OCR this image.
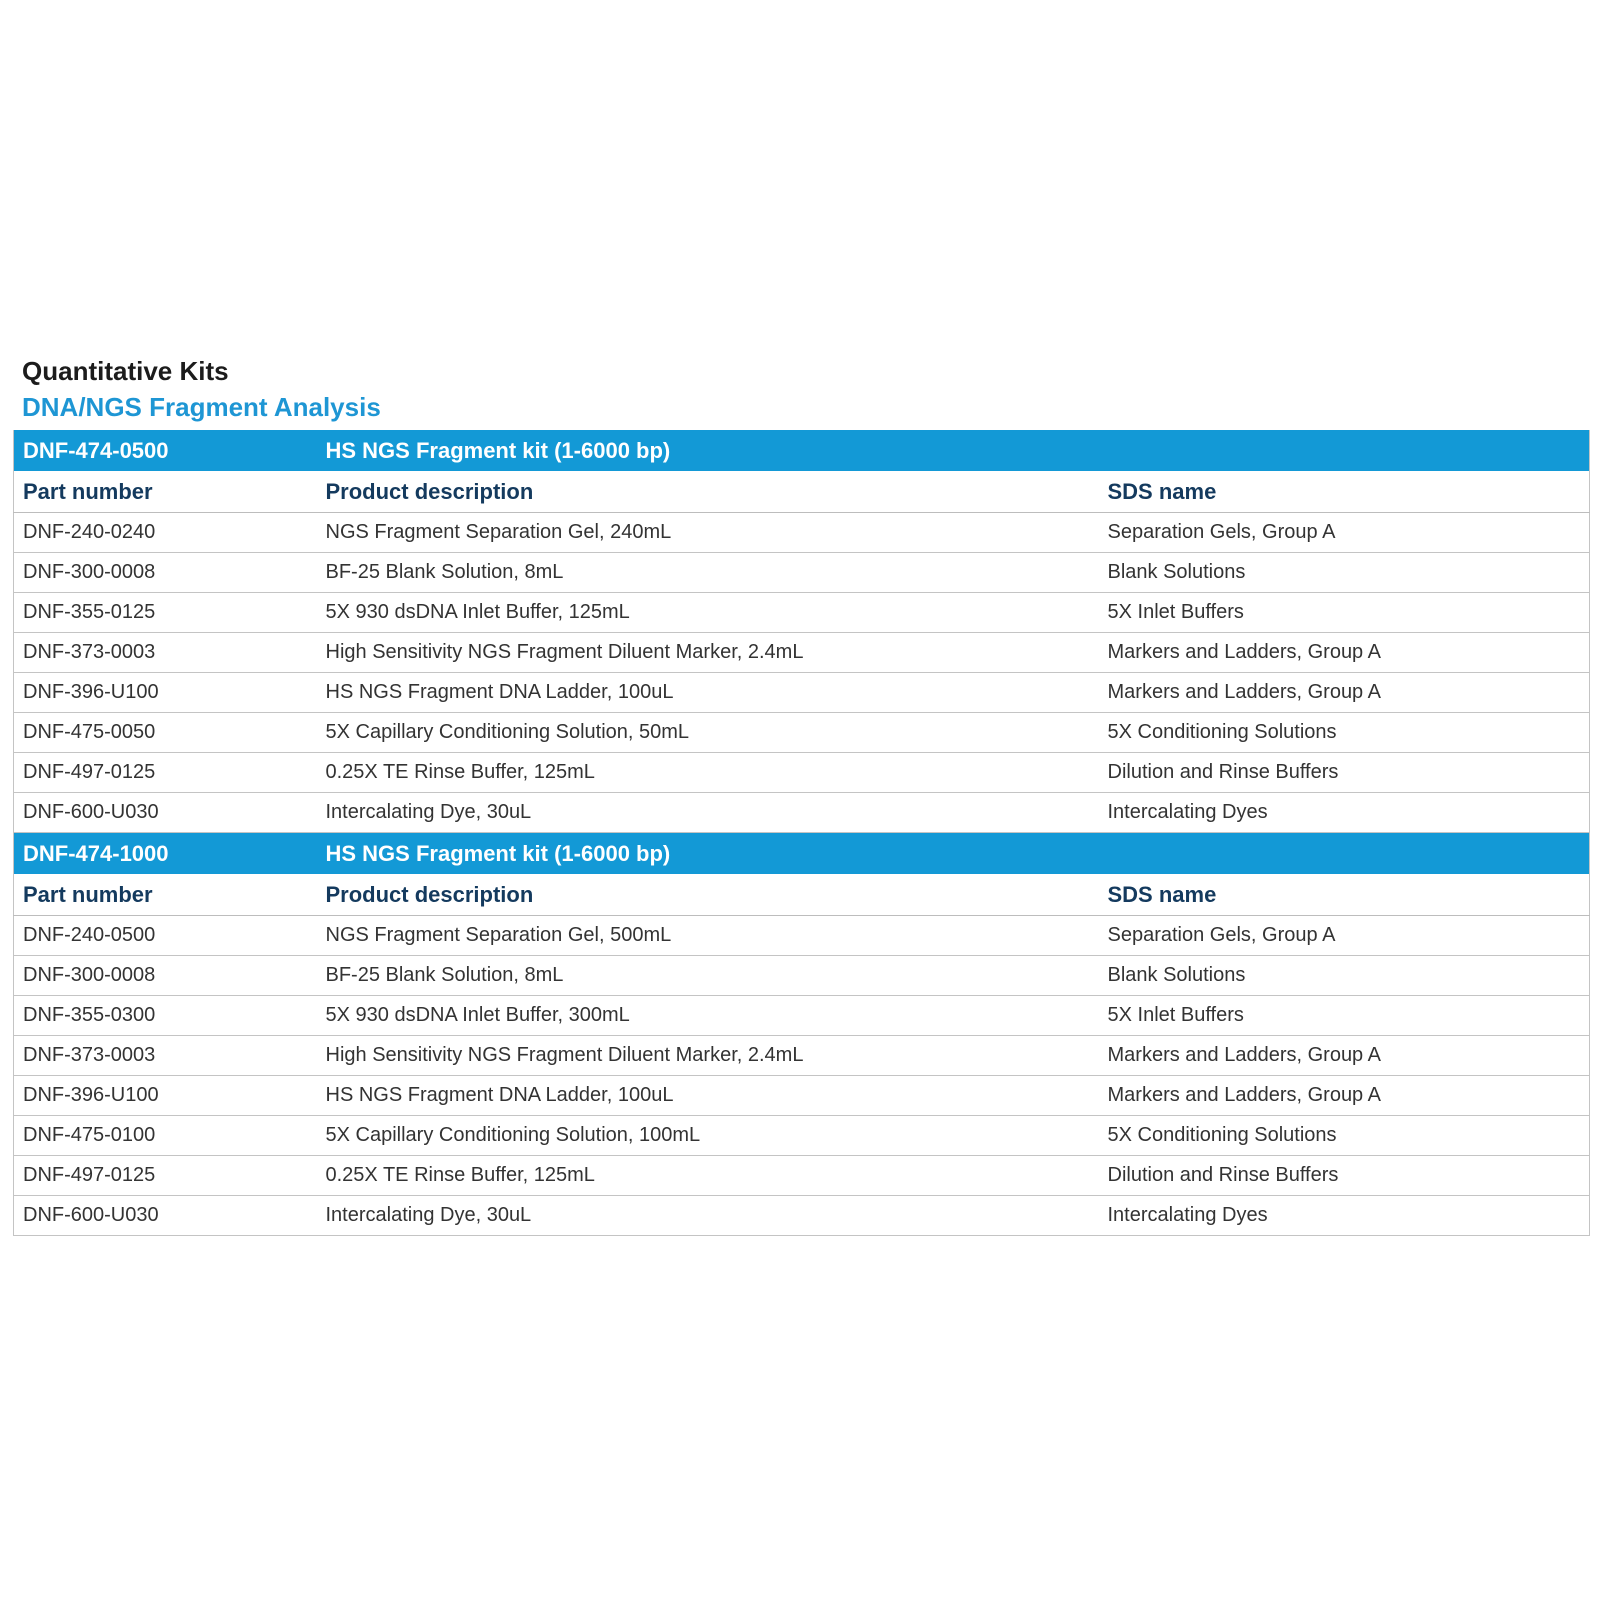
Quantitative Kits
DNA/NGS Fragment Analysis
DNF-474-0500	HS NGS Fragment kit (1-6000 bp)	
Part number	Product description	SDS name
DNF-240-0240	NGS Fragment Separation Gel, 240mL	Separation Gels, Group A
DNF-300-0008	BF-25 Blank Solution, 8mL	Blank Solutions
DNF-355-0125	5X 930 dsDNA Inlet Buffer, 125mL	5X Inlet Buffers
DNF-373-0003	High Sensitivity NGS Fragment Diluent Marker, 2.4mL	Markers and Ladders, Group A
DNF-396-U100	HS NGS Fragment DNA Ladder, 100uL	Markers and Ladders, Group A
DNF-475-0050	5X Capillary Conditioning Solution, 50mL	5X Conditioning Solutions
DNF-497-0125	0.25X TE Rinse Buffer, 125mL	Dilution and Rinse Buffers
DNF-600-U030	Intercalating Dye, 30uL	Intercalating Dyes
DNF-474-1000	HS NGS Fragment kit (1-6000 bp)	
Part number	Product description	SDS name
DNF-240-0500	NGS Fragment Separation Gel, 500mL	Separation Gels, Group A
DNF-300-0008	BF-25 Blank Solution, 8mL	Blank Solutions
DNF-355-0300	5X 930 dsDNA Inlet Buffer, 300mL	5X Inlet Buffers
DNF-373-0003	High Sensitivity NGS Fragment Diluent Marker, 2.4mL	Markers and Ladders, Group A
DNF-396-U100	HS NGS Fragment DNA Ladder, 100uL	Markers and Ladders, Group A
DNF-475-0100	5X Capillary Conditioning Solution, 100mL	5X Conditioning Solutions
DNF-497-0125	0.25X TE Rinse Buffer, 125mL	Dilution and Rinse Buffers
DNF-600-U030	Intercalating Dye, 30uL	Intercalating Dyes
